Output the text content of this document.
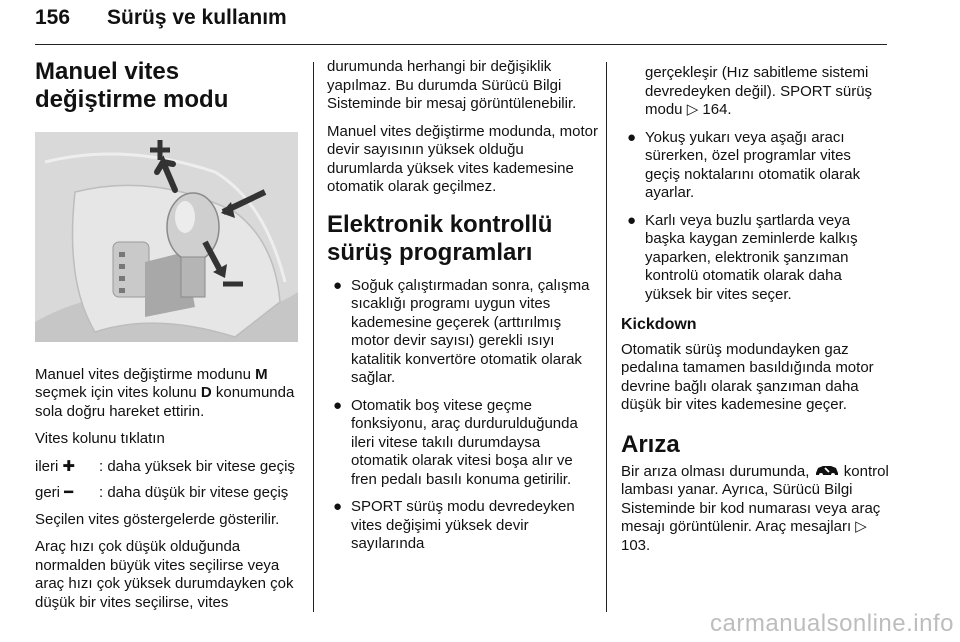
156 Sürüş ve kullanım
Manuel vites değiştirme modu

Manuel vites değiştirme modunu M seçmek için vites kolunu D konumunda sola doğru hareket ettirin.

Vites kolunu tıklatın

ileri ✚	: daha yüksek bir vitese geçiş
geri ━	: daha düşük bir vitese geçiş

Seçilen vites göstergelerde gösterilir.

Araç hızı çok düşük olduğunda normalden büyük vites seçilirse veya araç hızı çok yüksek durumdayken çok düşük bir vites seçilirse, vites

durumunda herhangi bir değişiklik yapılmaz. Bu durumda Sürücü Bilgi Sisteminde bir mesaj görüntülenebilir.

Manuel vites değiştirme modunda, motor devir sayısının yüksek olduğu durumlarda yüksek vites kademesine otomatik olarak geçilmez.

Elektronik kontrollü sürüş programları
● Soğuk çalıştırmadan sonra, çalışma sıcaklığı programı uygun vites kademesine geçerek (arttırılmış motor devir sayısı) gerekli ısıyı katalitik konvertöre otomatik olarak sağlar.
● Otomatik boş vitese geçme fonksiyonu, araç durdurulduğunda ileri vitese takılı durumdaysa otomatik olarak vitesi boşa alır ve fren pedalı basılı konuma getirilir.
● SPORT sürüş modu devredeyken vites değişimi yüksek devir sayılarında
gerçekleşir (Hız sabitleme sistemi devredeyken değil). SPORT sürüş modu ▷ 164.
● Yokuş yukarı veya aşağı aracı sürerken, özel programlar vites geçiş noktalarını otomatik olarak ayarlar.
● Karlı veya buzlu şartlarda veya başka kaygan zeminlerde kalkış yaparken, elektronik şanzıman kontrolü otomatik olarak daha yüksek bir vites seçer.
Kickdown

Otomatik sürüş modundayken gaz pedalına tamamen basıldığında motor devrine bağlı olarak şanzıman daha düşük bir vites kademesine geçer.

Arıza

Bir arıza olması durumunda,  kontrol lambası yanar. Ayrıca, Sürücü Bilgi Sisteminde bir kod numarası veya araç mesajı görüntülenir. Araç mesajları ▷ 103.

carmanualsonline.info
